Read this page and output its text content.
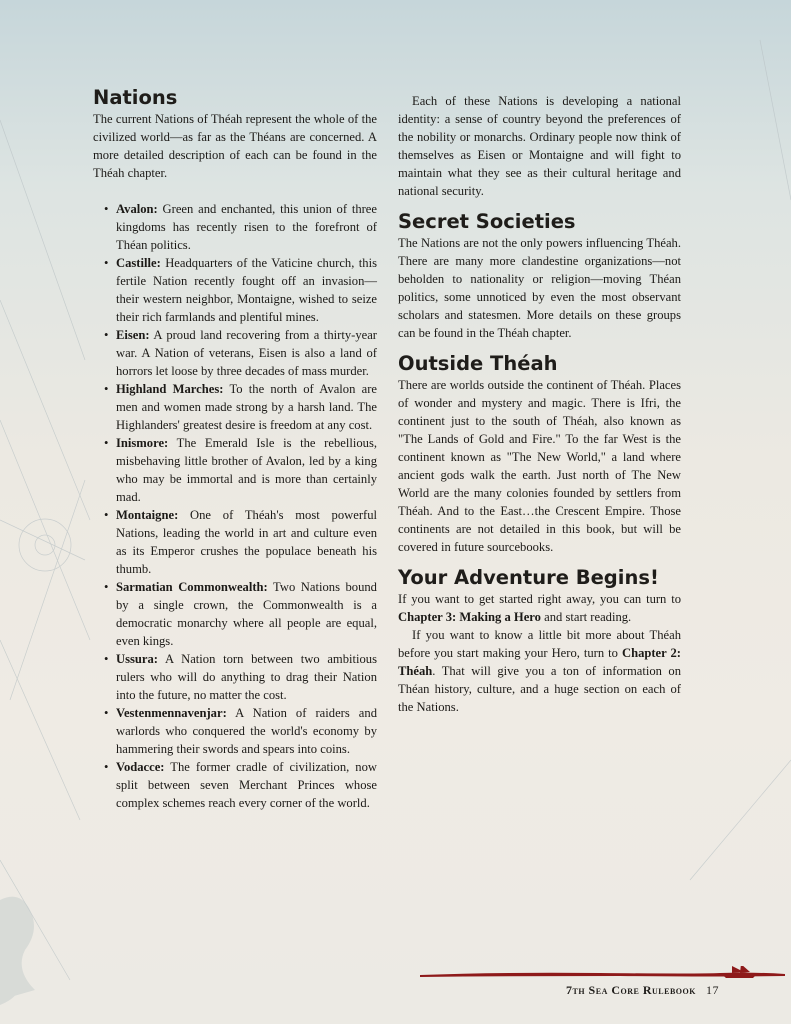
Nations

The current Nations of Théah represent the whole of the civilized world—as far as the Théans are concerned. A more detailed description of each can be found in the Théah chapter.

• Avalon: Green and enchanted, this union of three kingdoms has recently risen to the forefront of Théan politics.
• Castille: Headquarters of the Vaticine church, this fertile Nation recently fought off an invasion—their western neighbor, Montaigne, wished to seize their rich farmlands and plentiful mines.
• Eisen: A proud land recovering from a thirty-year war. A Nation of veterans, Eisen is also a land of horrors let loose by three decades of mass murder.
• Highland Marches: To the north of Avalon are men and women made strong by a harsh land. The Highlanders' greatest desire is freedom at any cost.
• Inismore: The Emerald Isle is the rebellious, misbehaving little brother of Avalon, led by a king who may be immortal and is more than certainly mad.
• Montaigne: One of Théah's most powerful Nations, leading the world in art and culture even as its Emperor crushes the populace beneath his thumb.
• Sarmatian Commonwealth: Two Nations bound by a single crown, the Commonwealth is a democratic monarchy where all people are equal, even kings.
• Ussura: A Nation torn between two ambitious rulers who will do anything to drag their Nation into the future, no matter the cost.
• Vestenmennavenjar: A Nation of raiders and warlords who conquered the world's economy by hammering their swords and spears into coins.
• Vodacce: The former cradle of civilization, now split between seven Merchant Princes whose complex schemes reach every corner of the world.

Each of these Nations is developing a national identity: a sense of country beyond the preferences of the nobility or monarchs. Ordinary people now think of themselves as Eisen or Montaigne and will fight to maintain what they see as their cultural heritage and national security.

Secret Societies

The Nations are not the only powers influencing Théah. There are many more clandestine organizations—not beholden to nationality or religion—moving Théan politics, some unnoticed by even the most observant scholars and statesmen. More details on these groups can be found in the Théah chapter.

Outside Théah

There are worlds outside the continent of Théah. Places of wonder and mystery and magic. There is Ifri, the continent just to the south of Théah, also known as "The Lands of Gold and Fire." To the far West is the continent known as "The New World," a land where ancient gods walk the earth. Just north of The New World are the many colonies founded by settlers from Théah. And to the East…the Crescent Empire. Those continents are not detailed in this book, but will be covered in future sourcebooks.

Your Adventure Begins!

If you want to get started right away, you can turn to Chapter 3: Making a Hero and start reading.

If you want to know a little bit more about Théah before you start making your Hero, turn to Chapter 2: Théah. That will give you a ton of information on Théan history, culture, and a huge section on each of the Nations.

7th Sea Core Rulebook 17
